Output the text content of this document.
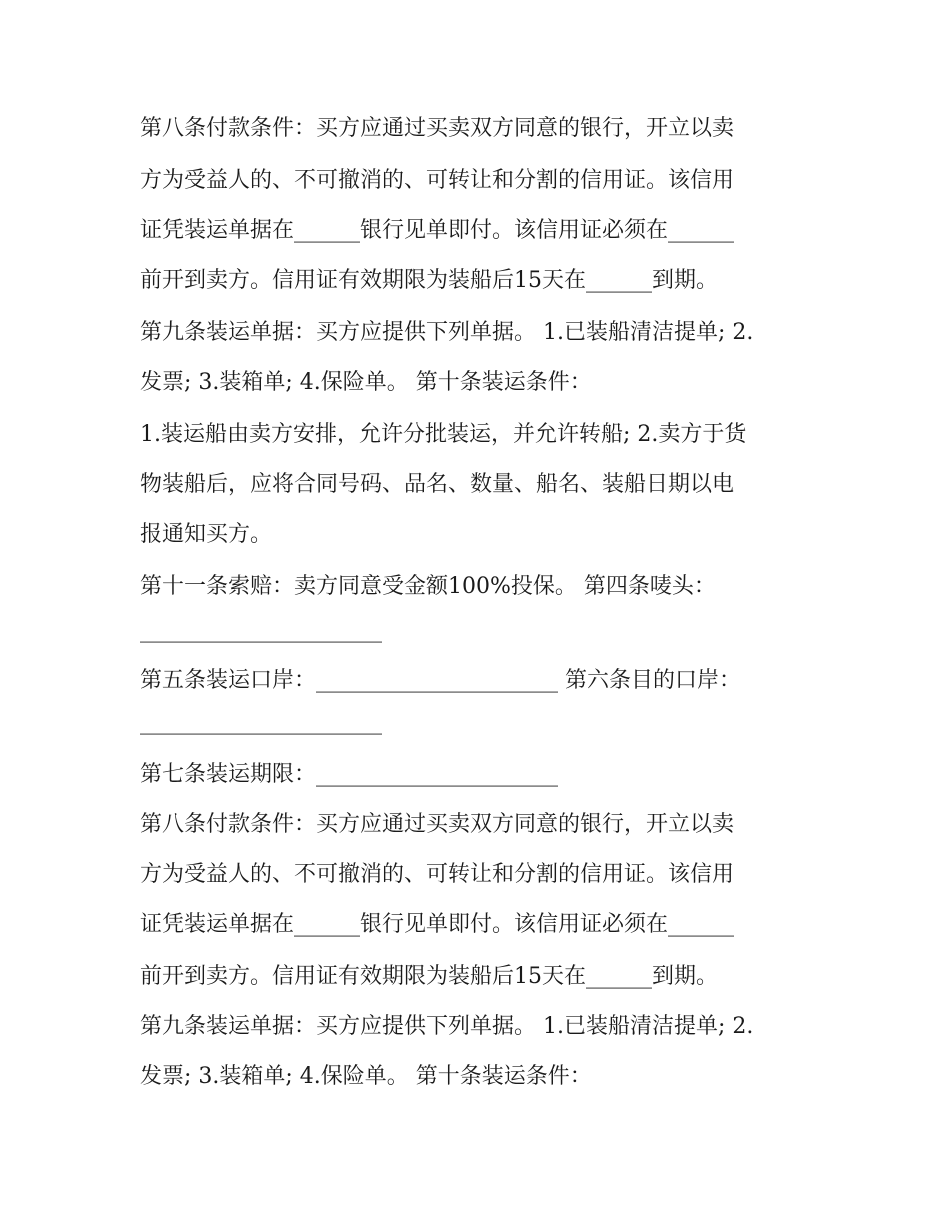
第八条付款条件：买方应通过买卖双方同意的银行，开立以卖
方为受益人的、不可撤消的、可转让和分割的信用证。该信用
证凭装运单据在______银行见单即付。该信用证必须在______
前开到卖方。信用证有效期限为装船后15天在______到期。
第九条装运单据：买方应提供下列单据。 1.已装船清洁提单; 2.
发票; 3.装箱单; 4.保险单。 第十条装运条件：
1.装运船由卖方安排，允许分批装运，并允许转船; 2.卖方于货
物装船后，应将合同号码、品名、数量、船名、装船日期以电
报通知买方。
第十一条索赔：卖方同意受金额100%投保。 第四条唛头：
______________________
第五条装运口岸：______________________ 第六条目的口岸：
______________________
第七条装运期限：______________________
第八条付款条件：买方应通过买卖双方同意的银行，开立以卖
方为受益人的、不可撤消的、可转让和分割的信用证。该信用
证凭装运单据在______银行见单即付。该信用证必须在______
前开到卖方。信用证有效期限为装船后15天在______到期。
第九条装运单据：买方应提供下列单据。 1.已装船清洁提单; 2.
发票; 3.装箱单; 4.保险单。 第十条装运条件：
